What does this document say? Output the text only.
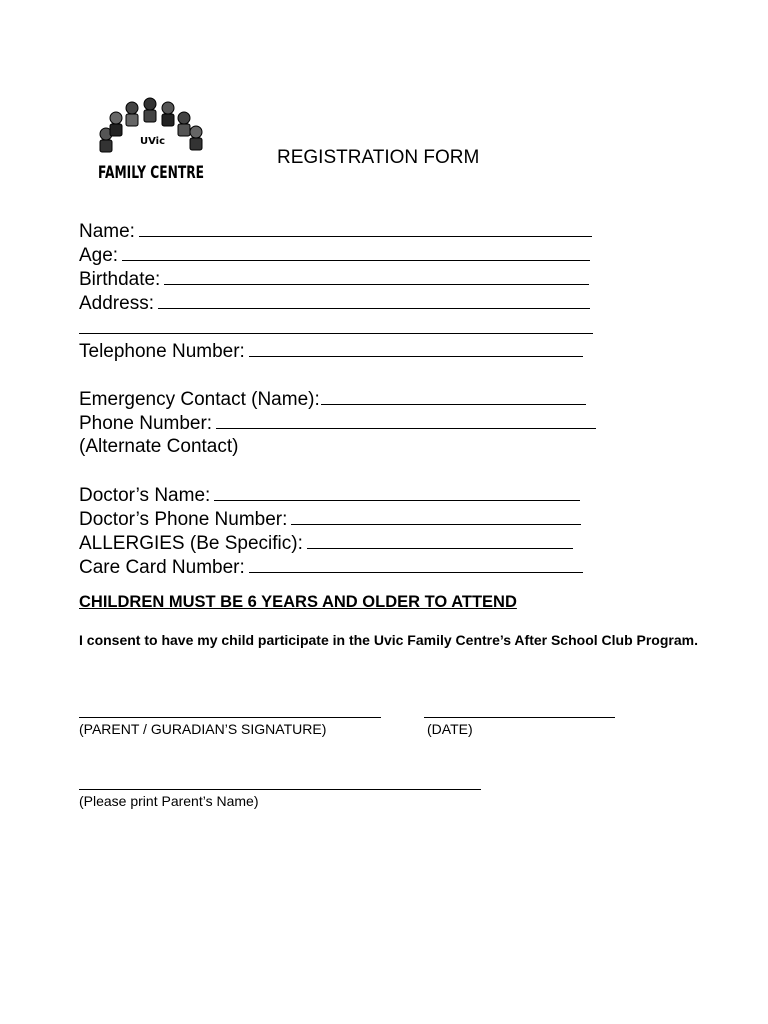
UVic
FAMILY CENTRE
REGISTRATION FORM
Name:
Age:
Birthdate:
Address:
Telephone Number:
Emergency Contact (Name):
Phone Number:
(Alternate Contact)
Doctor’s Name:
Doctor’s Phone Number:
ALLERGIES (Be Specific):
Care Card Number:
CHILDREN MUST BE 6 YEARS AND OLDER TO ATTEND
I consent to have my child participate in the Uvic Family Centre’s After School Club Program.
(PARENT / GURADIAN’S SIGNATURE)	(DATE)
(Please print Parent’s Name)
